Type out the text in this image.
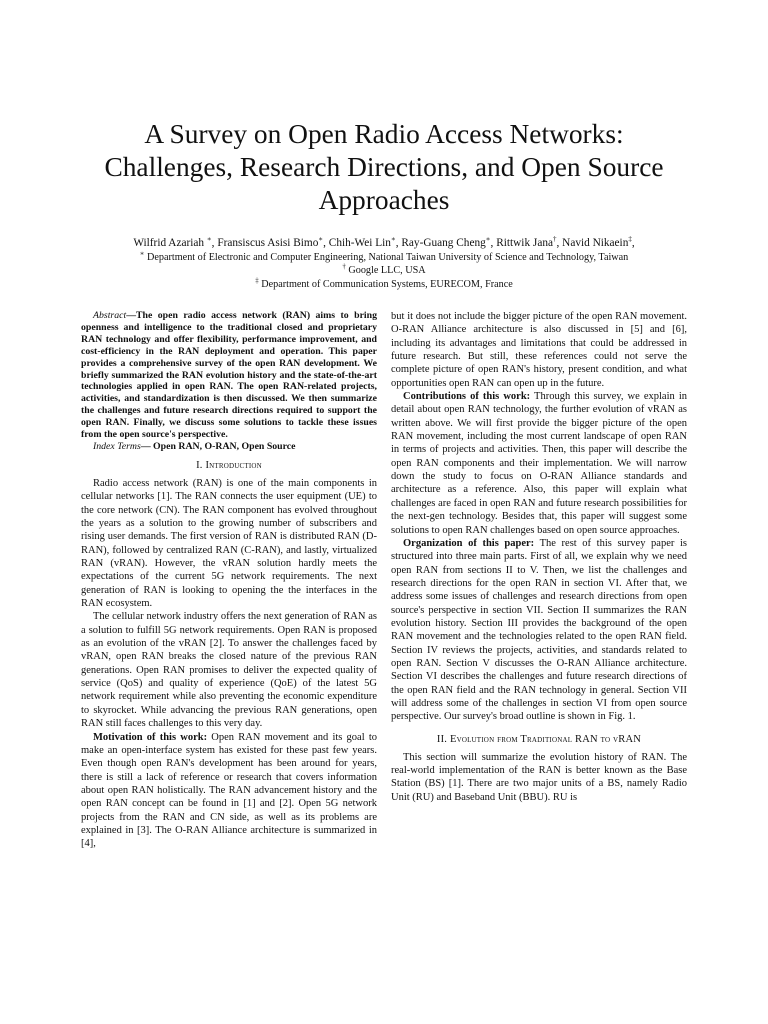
A Survey on Open Radio Access Networks:
Challenges, Research Directions, and Open Source
Approaches
Wilfrid Azariah ∗, Fransiscus Asisi Bimo∗, Chih-Wei Lin∗, Ray-Guang Cheng∗, Rittwik Jana†, Navid Nikaein‡,
∗ Department of Electronic and Computer Engineering, National Taiwan University of Science and Technology, Taiwan
† Google LLC, USA
‡ Department of Communication Systems, EURECOM, France

Abstract—The open radio access network (RAN) aims to bring openness and intelligence to the traditional closed and proprietary RAN technology and offer flexibility, performance improvement, and cost-efficiency in the RAN deployment and operation. This paper provides a comprehensive survey of the open RAN development. We briefly summarized the RAN evolution history and the state-of-the-art technologies applied in open RAN. The open RAN-related projects, activities, and standardization is then discussed. We then summarize the challenges and future research directions required to support the open RAN. Finally, we discuss some solutions to tackle these issues from the open source's perspective.

Index Terms— Open RAN, O-RAN, Open Source

I. Introduction

Radio access network (RAN) is one of the main components in cellular networks [1]. The RAN connects the user equipment (UE) to the core network (CN). The RAN component has evolved throughout the years as a solution to the growing number of subscribers and rising user demands. The first version of RAN is distributed RAN (D-RAN), followed by centralized RAN (C-RAN), and lastly, virtualized RAN (vRAN). However, the vRAN solution hardly meets the expectations of the current 5G network requirements. The next generation of RAN is looking to opening the the interfaces in the RAN ecosystem.

The cellular network industry offers the next generation of RAN as a solution to fulfill 5G network requirements. Open RAN is proposed as an evolution of the vRAN [2]. To answer the challenges faced by vRAN, open RAN breaks the closed nature of the previous RAN generations. Open RAN promises to deliver the expected quality of service (QoS) and quality of experience (QoE) of the latest 5G network requirement while also preventing the economic expenditure to skyrocket. While advancing the previous RAN generations, open RAN still faces challenges to this very day.

Motivation of this work: Open RAN movement and its goal to make an open-interface system has existed for these past few years. Even though open RAN's development has been around for years, there is still a lack of reference or research that covers information about open RAN holistically. The RAN advancement history and the open RAN concept can be found in [1] and [2]. Open 5G network projects from the RAN and CN side, as well as its problems are explained in [3]. The O-RAN Alliance architecture is summarized in [4],

but it does not include the bigger picture of the open RAN movement. O-RAN Alliance architecture is also discussed in [5] and [6], including its advantages and limitations that could be addressed in future research. But still, these references could not serve the complete picture of open RAN's history, present condition, and what opportunities open RAN can open up in the future.

Contributions of this work: Through this survey, we explain in detail about open RAN technology, the further evolution of vRAN as written above. We will first provide the bigger picture of the open RAN movement, including the most current landscape of open RAN in terms of projects and activities. Then, this paper will describe the open RAN components and their implementation. We will narrow down the study to focus on O-RAN Alliance standards and architecture as a reference. Also, this paper will explain what challenges are faced in open RAN and future research possibilities for the next-gen technology. Besides that, this paper will suggest some solutions to open RAN challenges based on open source approaches.

Organization of this paper: The rest of this survey paper is structured into three main parts. First of all, we explain why we need open RAN from sections II to V. Then, we list the challenges and research directions for the open RAN in section VI. After that, we address some issues of challenges and research directions from open source's perspective in section VII. Section II summarizes the RAN evolution history. Section III provides the background of the open RAN movement and the technologies related to the open RAN field. Section IV reviews the projects, activities, and standards related to open RAN. Section V discusses the O-RAN Alliance architecture. Section VI describes the challenges and future research directions of the open RAN field and the RAN technology in general. Section VII will address some of the challenges in section VI from open source perspective. Our survey's broad outline is shown in Fig. 1.

II. Evolution from Traditional RAN to vRAN

This section will summarize the evolution history of RAN. The real-world implementation of the RAN is better known as the Base Station (BS) [1]. There are two major units of a BS, namely Radio Unit (RU) and Baseband Unit (BBU). RU is
